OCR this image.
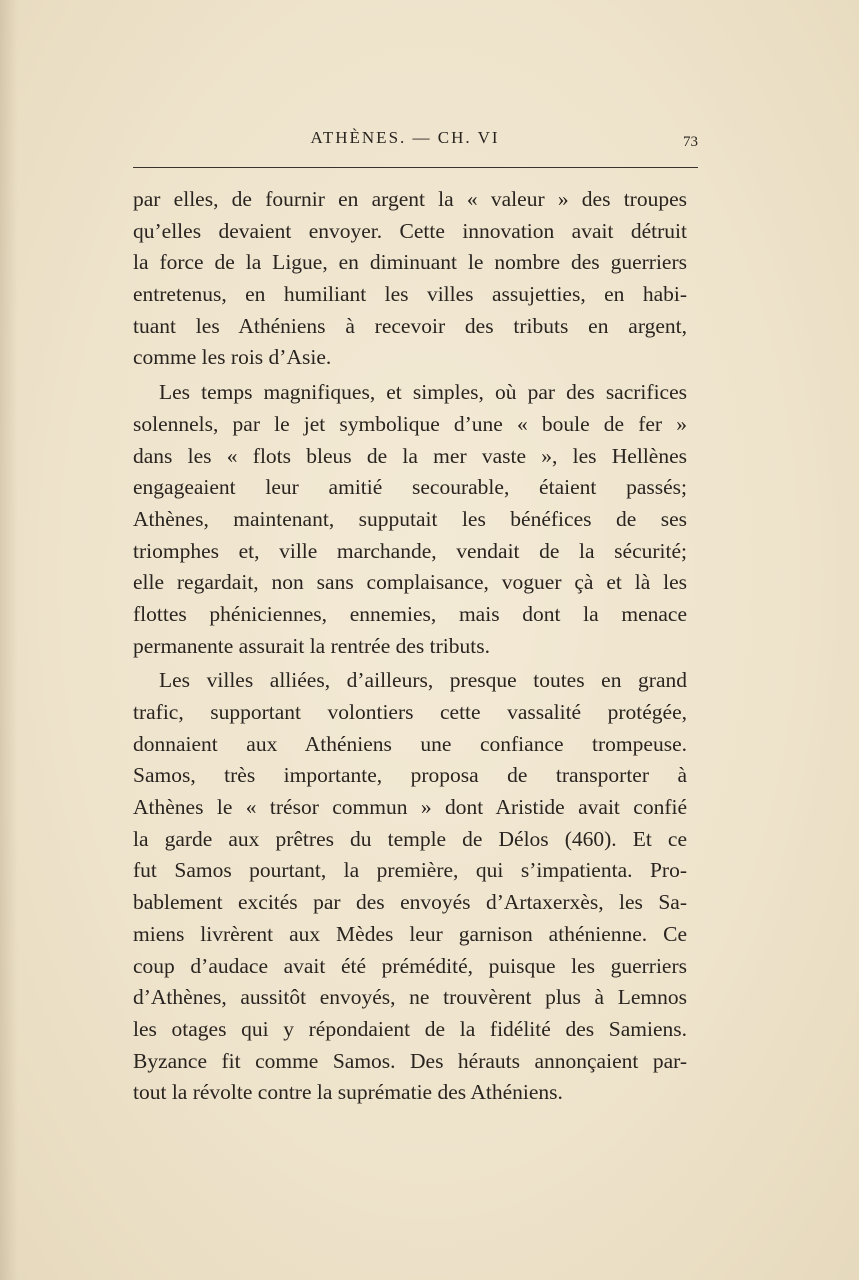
ATHÈNES. — CH. VI	73
par elles, de fournir en argent la « valeur » des troupes
qu’elles devaient envoyer. Cette innovation avait détruit
la force de la Ligue, en diminuant le nombre des guerriers
entretenus, en humiliant les villes assujetties, en habi-
tuant les Athéniens à recevoir des tributs en argent,
comme les rois d’Asie.
Les temps magnifiques, et simples, où par des sacrifices
solennels, par le jet symbolique d’une « boule de fer »
dans les « flots bleus de la mer vaste », les Hellènes
engageaient leur amitié secourable, étaient passés;
Athènes, maintenant, supputait les bénéfices de ses
triomphes et, ville marchande, vendait de la sécurité;
elle regardait, non sans complaisance, voguer çà et là les
flottes phéniciennes, ennemies, mais dont la menace
permanente assurait la rentrée des tributs.
Les villes alliées, d’ailleurs, presque toutes en grand
trafic, supportant volontiers cette vassalité protégée,
donnaient aux Athéniens une confiance trompeuse.
Samos, très importante, proposa de transporter à
Athènes le « trésor commun » dont Aristide avait confié
la garde aux prêtres du temple de Délos (460). Et ce
fut Samos pourtant, la première, qui s’impatienta. Pro-
bablement excités par des envoyés d’Artaxerxès, les Sa-
miens livrèrent aux Mèdes leur garnison athénienne. Ce
coup d’audace avait été prémédité, puisque les guerriers
d’Athènes, aussitôt envoyés, ne trouvèrent plus à Lemnos
les otages qui y répondaient de la fidélité des Samiens.
Byzance fit comme Samos. Des hérauts annonçaient par-
tout la révolte contre la suprématie des Athéniens.
